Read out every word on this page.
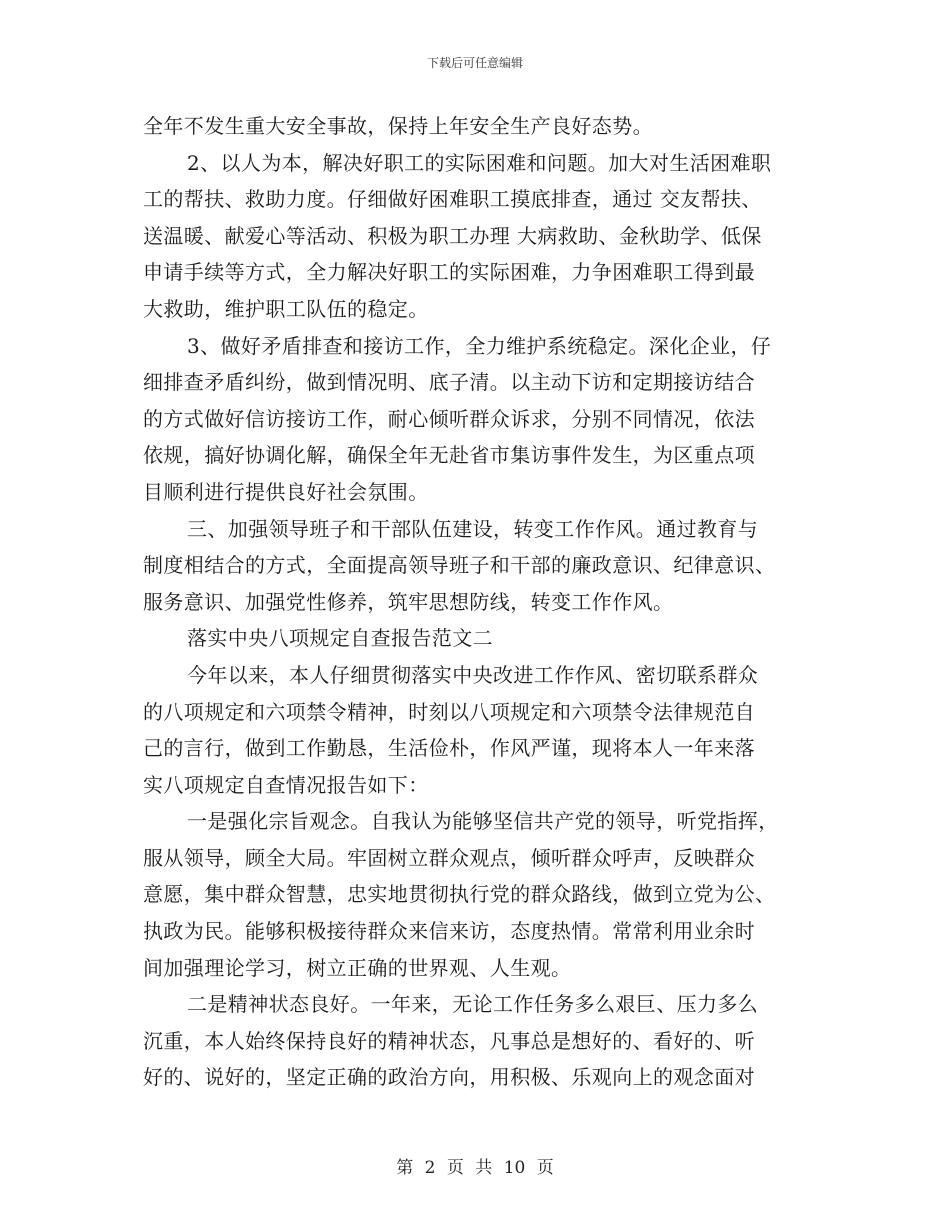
下载后可任意编辑
全年不发生重大安全事故，保持上年安全生产良好态势。
2、以人为本，解决好职工的实际困难和问题。加大对生活困难职
工的帮扶、救助力度。仔细做好困难职工摸底排查，通过 交友帮扶、
送温暖、献爱心等活动、积极为职工办理 大病救助、金秋助学、低保
申请手续等方式，全力解决好职工的实际困难，力争困难职工得到最
大救助，维护职工队伍的稳定。
3、做好矛盾排查和接访工作，全力维护系统稳定。深化企业，仔
细排查矛盾纠纷，做到情况明、底子清。以主动下访和定期接访结合
的方式做好信访接访工作，耐心倾听群众诉求，分别不同情况，依法
依规，搞好协调化解，确保全年无赴省市集访事件发生，为区重点项
目顺利进行提供良好社会氛围。
三、加强领导班子和干部队伍建设，转变工作作风。通过教育与
制度相结合的方式，全面提高领导班子和干部的廉政意识、纪律意识、
服务意识、加强党性修养，筑牢思想防线，转变工作作风。
落实中央八项规定自查报告范文二
今年以来，本人仔细贯彻落实中央改进工作作风、密切联系群众
的八项规定和六项禁令精神，时刻以八项规定和六项禁令法律规范自
己的言行，做到工作勤恳，生活俭朴，作风严谨，现将本人一年来落
实八项规定自查情况报告如下：
一是强化宗旨观念。自我认为能够坚信共产党的领导，听党指挥，
服从领导，顾全大局。牢固树立群众观点，倾听群众呼声，反映群众
意愿，集中群众智慧，忠实地贯彻执行党的群众路线，做到立党为公、
执政为民。能够积极接待群众来信来访，态度热情。常常利用业余时
间加强理论学习，树立正确的世界观、人生观。
二是精神状态良好。一年来，无论工作任务多么艰巨、压力多么
沉重，本人始终保持良好的精神状态，凡事总是想好的、看好的、听
好的、说好的，坚定正确的政治方向，用积极、乐观向上的观念面对
第 2 页 共 10 页
